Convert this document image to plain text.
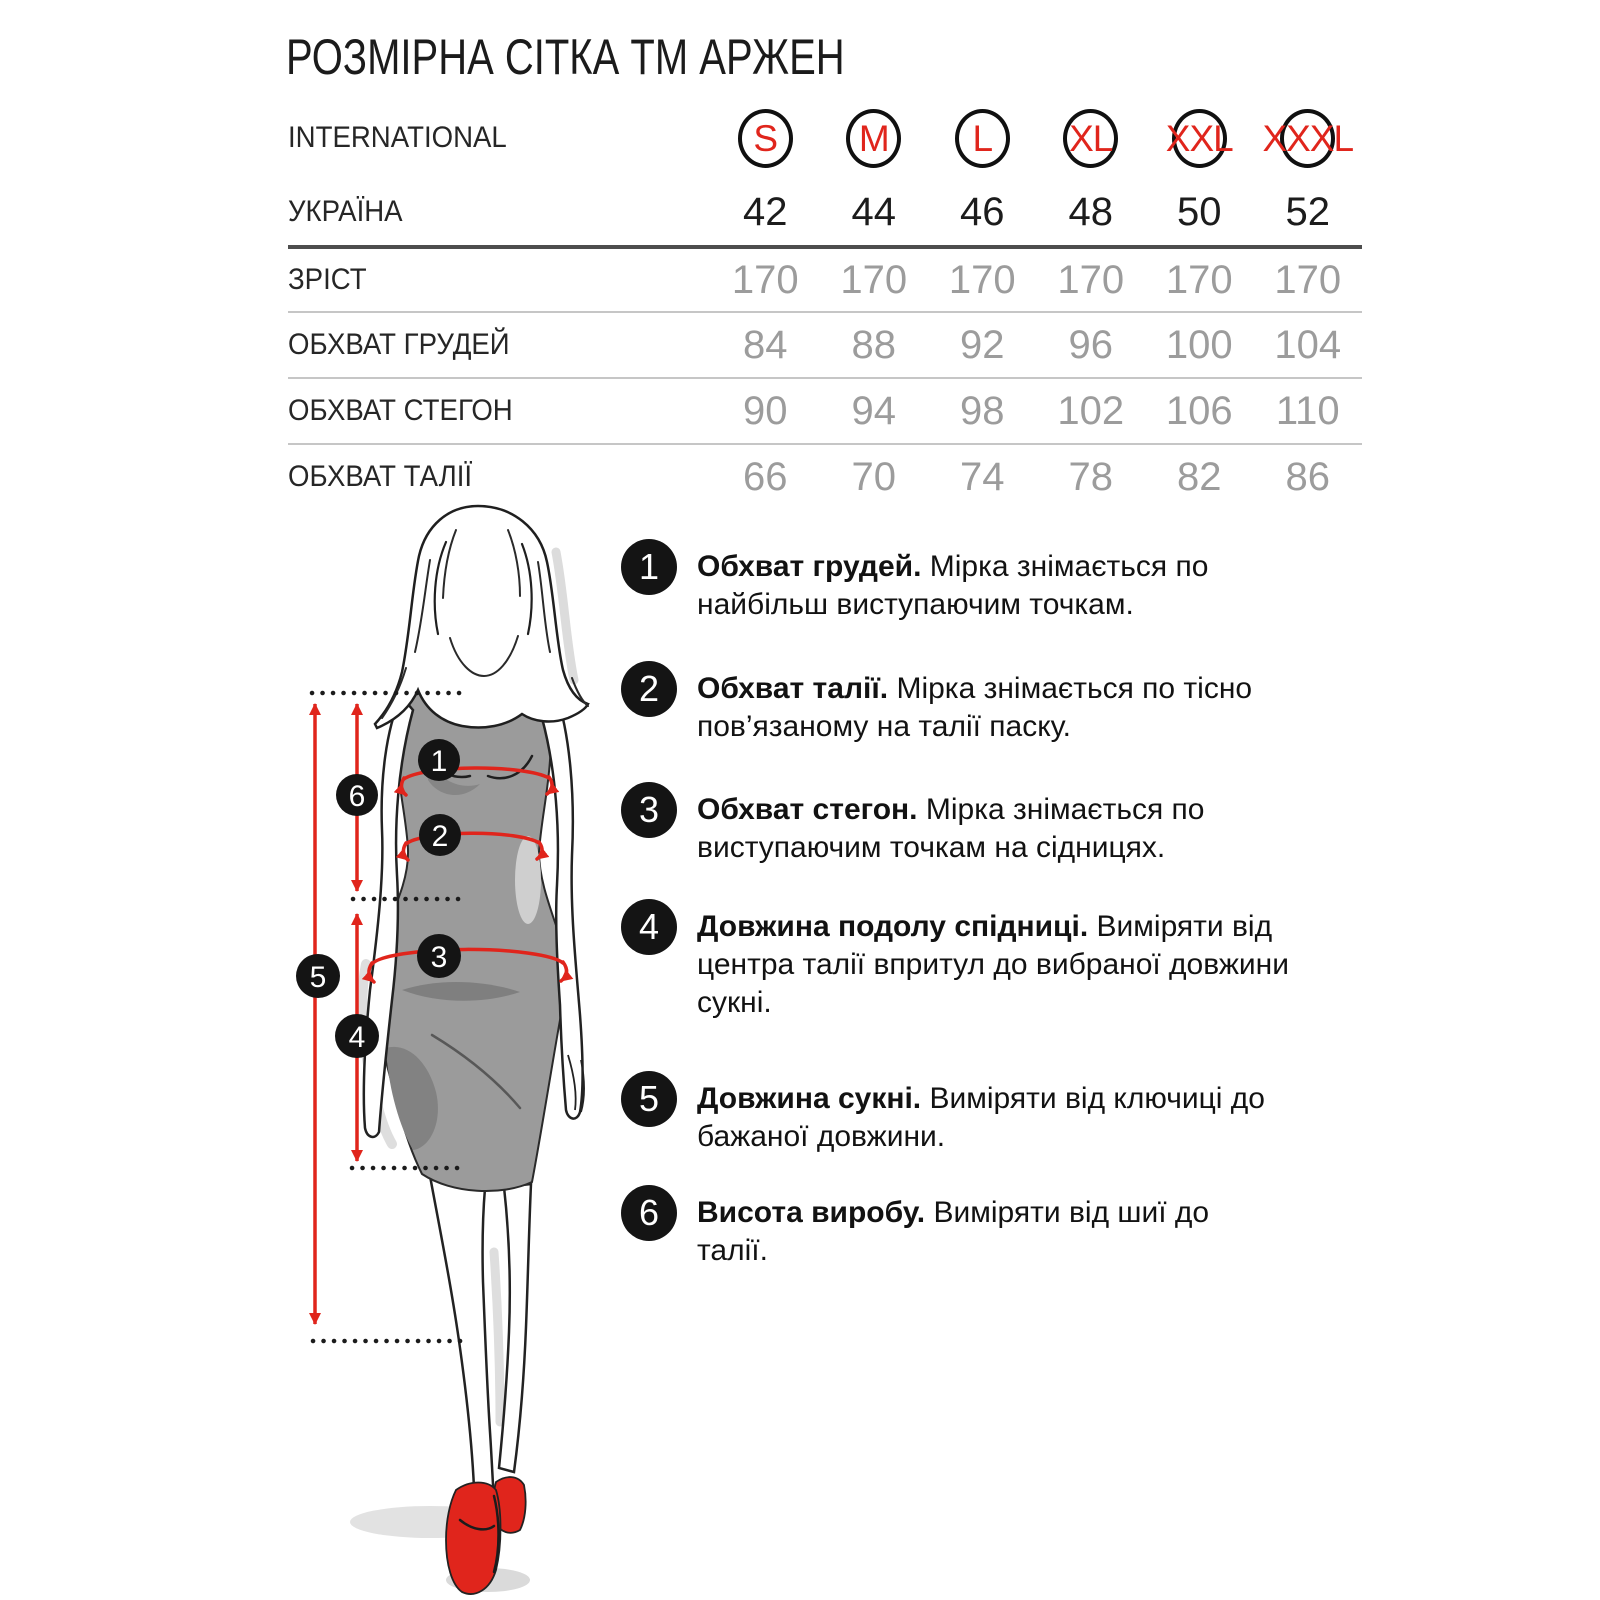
РОЗМІРНА СІТКА ТМ АРЖЕН
INTERNATIONAL	S M L XL XXL XXXL
УКРАЇНА	42	44	46	48	50	52
ЗРІСТ	170	170	170	170	170	170
ОБХВАТ ГРУДЕЙ	84	88	92	96	100	104
ОБХВАТ СТЕГОН	90	94	98	102	106	110
ОБХВАТ ТАЛІЇ	66	70	74	78	82	86
1
2
3
4
5
6
1 Обхват грудей. Мірка знімається по найбільш виступаючим точкам.

2 Обхват талії. Мірка знімається по тісно пов’язаному на талії паску.

3 Обхват стегон. Мірка знімається по виступаючим точкам на сідницях.

4 Довжина подолу спідниці. Виміряти від центра талії впритул до вибраної довжини сукні.

5 Довжина сукні. Виміряти від ключиці до бажаної довжини.

6 Висота виробу. Виміряти від шиї до талії.
